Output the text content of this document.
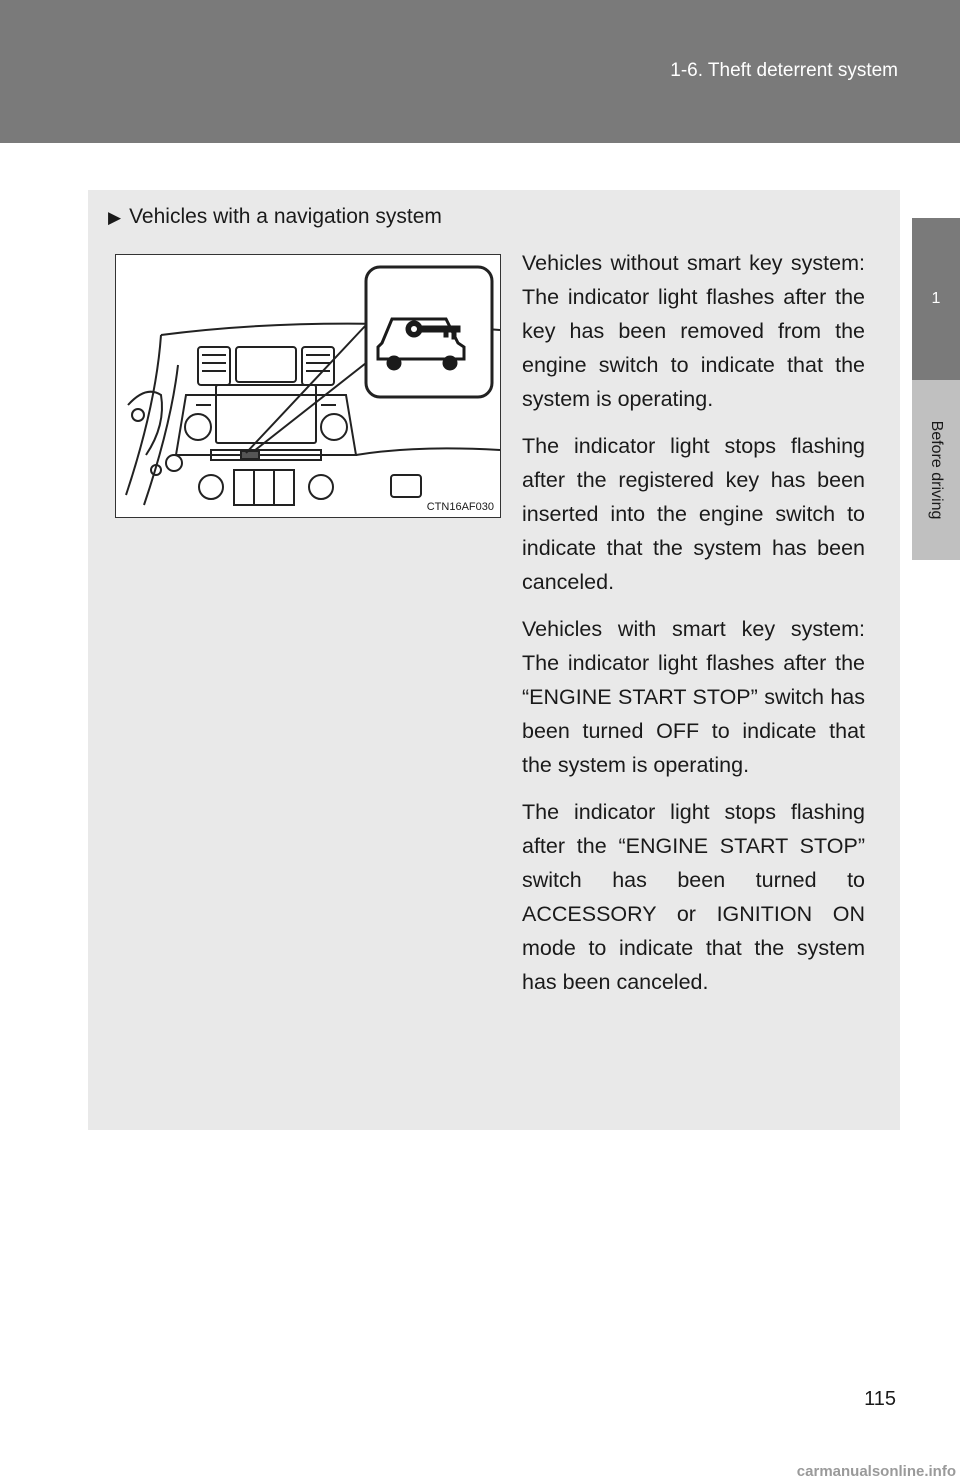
1-6. Theft deterrent system
1
Before driving
▶ Vehicles with a navigation system
CTN16AF030

Vehicles without smart key system: The indicator light flashes after the key has been removed from the engine switch to indicate that the system is operating.

The indicator light stops flashing after the registered key has been inserted into the engine switch to indicate that the system has been canceled.

Vehicles with smart key system: The indicator light flashes after the “ENGINE START STOP” switch has been turned OFF to indicate that the system is operating.

The indicator light stops flashing after the “ENGINE START STOP” switch has been turned to ACCESSORY or IGNITION ON mode to indicate that the system has been canceled.

115
carmanualsonline.info
